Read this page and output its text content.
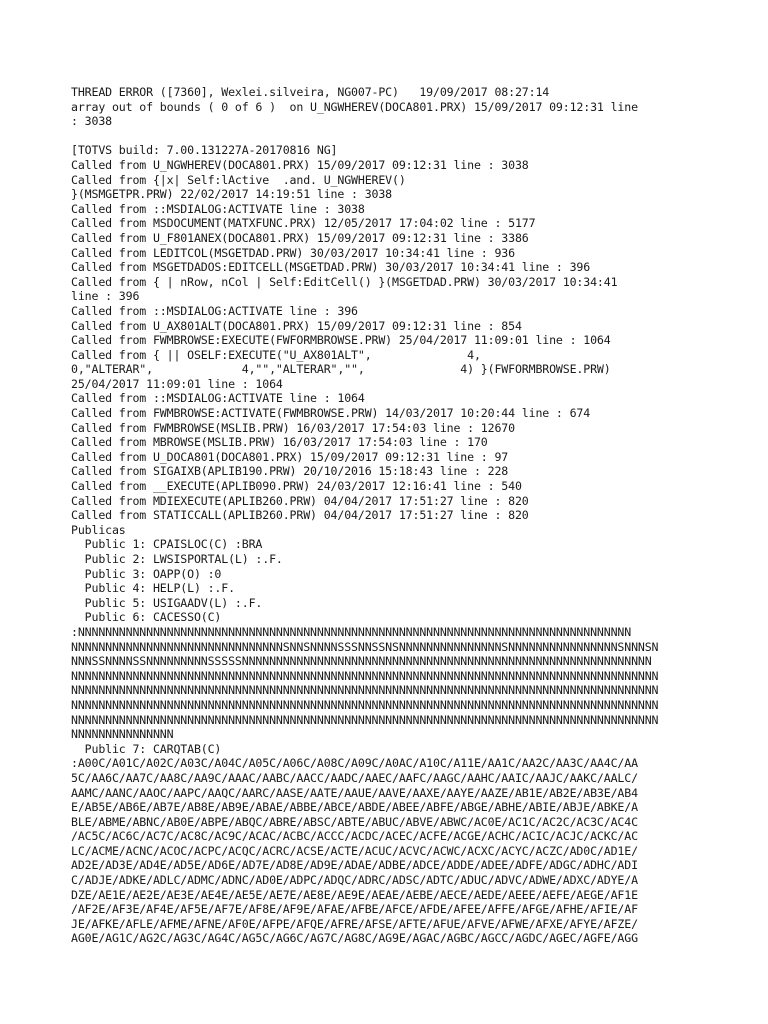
THREAD ERROR ([7360], Wexlei.silveira, NG007-PC)   19/09/2017 08:27:14
array out of bounds ( 0 of 6 )  on U_NGWHEREV(DOCA801.PRX) 15/09/2017 09:12:31 line
: 3038
[TOTVS build: 7.00.131227A-20170816 NG]
Called from U_NGWHEREV(DOCA801.PRX) 15/09/2017 09:12:31 line : 3038
Called from {|x| Self:lActive  .and. U_NGWHEREV()
}(MSMGETPR.PRW) 22/02/2017 14:19:51 line : 3038
Called from ::MSDIALOG:ACTIVATE line : 3038
Called from MSDOCUMENT(MATXFUNC.PRX) 12/05/2017 17:04:02 line : 5177
Called from U_F801ANEX(DOCA801.PRX) 15/09/2017 09:12:31 line : 3386
Called from LEDITCOL(MSGETDAD.PRW) 30/03/2017 10:34:41 line : 936
Called from MSGETDADOS:EDITCELL(MSGETDAD.PRW) 30/03/2017 10:34:41 line : 396
Called from { | nRow, nCol | Self:EditCell() }(MSGETDAD.PRW) 30/03/2017 10:34:41
line : 396
Called from ::MSDIALOG:ACTIVATE line : 396
Called from U_AX801ALT(DOCA801.PRX) 15/09/2017 09:12:31 line : 854
Called from FWMBROWSE:EXECUTE(FWFORMBROWSE.PRW) 25/04/2017 11:09:01 line : 1064
Called from { || OSELF:EXECUTE("U_AX801ALT",              4,
0,"ALTERAR",             4,"","ALTERAR","",              4) }(FWFORMBROWSE.PRW)
25/04/2017 11:09:01 line : 1064
Called from ::MSDIALOG:ACTIVATE line : 1064
Called from FWMBROWSE:ACTIVATE(FWMBROWSE.PRW) 14/03/2017 10:20:44 line : 674
Called from FWMBROWSE(MSLIB.PRW) 16/03/2017 17:54:03 line : 12670
Called from MBROWSE(MSLIB.PRW) 16/03/2017 17:54:03 line : 170
Called from U_DOCA801(DOCA801.PRX) 15/09/2017 09:12:31 line : 97
Called from SIGAIXB(APLIB190.PRW) 20/10/2016 15:18:43 line : 228
Called from __EXECUTE(APLIB090.PRW) 24/03/2017 12:16:41 line : 540
Called from MDIEXECUTE(APLIB260.PRW) 04/04/2017 17:51:27 line : 820
Called from STATICCALL(APLIB260.PRW) 04/04/2017 17:51:27 line : 820
Publicas
Public 1: CPAISLOC(C) :BRA
Public 2: LWSISPORTAL(L) :.F.
Public 3: OAPP(O) :0
Public 4: HELP(L) :.F.
Public 5: USIGAADV(L) :.F.
Public 6: CACESSO(C)
:NNNNNNNNNNNNNNNNNNNNNNNNNNNNNNNNNNNNNNNNNNNNNNNNNNNNNNNNNNNNNNNNNNNNNNNNNNNNNNNNN
NNNNNNNNNNNNNNNNNNNNNNNNNNNNNNNSNNSNNNNSSSNNSSNSNNNNNNNNNNNNNNNSNNNNNNNNNNNNNNNNSNNNSN
NNNSSNNNNSSNNNNNNNNNSSSSSNNNNNNNNNNNNNNNNNNNNNNNNNNNNNNNNNNNNNNNNNNNNNNNNNNNNNNNNNNNN
NNNNNNNNNNNNNNNNNNNNNNNNNNNNNNNNNNNNNNNNNNNNNNNNNNNNNNNNNNNNNNNNNNNNNNNNNNNNNNNNNNNNNN
NNNNNNNNNNNNNNNNNNNNNNNNNNNNNNNNNNNNNNNNNNNNNNNNNNNNNNNNNNNNNNNNNNNNNNNNNNNNNNNNNNNNNN
NNNNNNNNNNNNNNNNNNNNNNNNNNNNNNNNNNNNNNNNNNNNNNNNNNNNNNNNNNNNNNNNNNNNNNNNNNNNNNNNNNNNNN
NNNNNNNNNNNNNNNNNNNNNNNNNNNNNNNNNNNNNNNNNNNNNNNNNNNNNNNNNNNNNNNNNNNNNNNNNNNNNNNNNNNNNN
NNNNNNNNNNNNNNN
Public 7: CARQTAB(C)
:A00C/A01C/A02C/A03C/A04C/A05C/A06C/A08C/A09C/A0AC/A10C/A11E/AA1C/AA2C/AA3C/AA4C/AA
5C/AA6C/AA7C/AA8C/AA9C/AAAC/AABC/AACC/AADC/AAEC/AAFC/AAGC/AAHC/AAIC/AAJC/AAKC/AALC/
AAMC/AANC/AAOC/AAPC/AAQC/AARC/AASE/AATE/AAUE/AAVE/AAXE/AAYE/AAZE/AB1E/AB2E/AB3E/AB4
E/AB5E/AB6E/AB7E/AB8E/AB9E/ABAE/ABBE/ABCE/ABDE/ABEE/ABFE/ABGE/ABHE/ABIE/ABJE/ABKE/A
BLE/ABME/ABNC/AB0E/ABPE/ABQC/ABRE/ABSC/ABTE/ABUC/ABVE/ABWC/AC0E/AC1C/AC2C/AC3C/AC4C
/AC5C/AC6C/AC7C/AC8C/AC9C/ACAC/ACBC/ACCC/ACDC/ACEC/ACFE/ACGE/ACHC/ACIC/ACJC/ACKC/AC
LC/ACME/ACNC/ACOC/ACPC/ACQC/ACRC/ACSE/ACTE/ACUC/ACVC/ACWC/ACXC/ACYC/ACZC/AD0C/AD1E/
AD2E/AD3E/AD4E/AD5E/AD6E/AD7E/AD8E/AD9E/ADAE/ADBE/ADCE/ADDE/ADEE/ADFE/ADGC/ADHC/ADI
C/ADJE/ADKE/ADLC/ADMC/ADNC/AD0E/ADPC/ADQC/ADRC/ADSC/ADTC/ADUC/ADVC/ADWE/ADXC/ADYE/A
DZE/AE1E/AE2E/AE3E/AE4E/AE5E/AE7E/AE8E/AE9E/AEAE/AEBE/AECE/AEDE/AEEE/AEFE/AEGE/AF1E
/AF2E/AF3E/AF4E/AF5E/AF7E/AF8E/AF9E/AFAE/AFBE/AFCE/AFDE/AFEE/AFFE/AFGE/AFHE/AFIE/AF
JE/AFKE/AFLE/AFME/AFNE/AF0E/AFPE/AFQE/AFRE/AFSE/AFTE/AFUE/AFVE/AFWE/AFXE/AFYE/AFZE/
AG0E/AG1C/AG2C/AG3C/AG4C/AG5C/AG6C/AG7C/AG8C/AG9E/AGAC/AGBC/AGCC/AGDC/AGEC/AGFE/AGG
